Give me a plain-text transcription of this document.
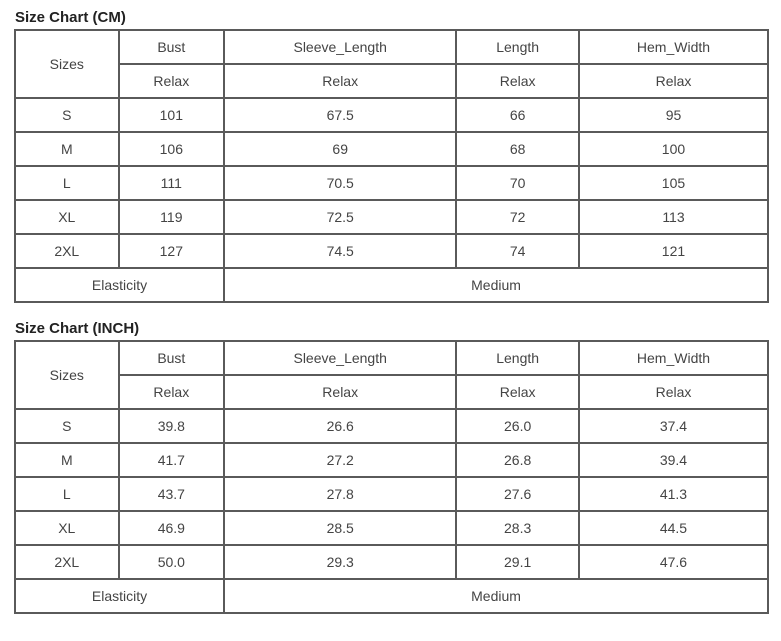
Size Chart (CM)
Sizes	Bust	Sleeve_Length	Length	Hem_Width
	Relax	Relax	Relax	Relax
S	101	67.5	66	95
M	106	69	68	100
L	111	70.5	70	105
XL	119	72.5	72	113
2XL	127	74.5	74	121
Elasticity		Medium		
Size Chart (INCH)
Sizes	Bust	Sleeve_Length	Length	Hem_Width
	Relax	Relax	Relax	Relax
S	39.8	26.6	26.0	37.4
M	41.7	27.2	26.8	39.4
L	43.7	27.8	27.6	41.3
XL	46.9	28.5	28.3	44.5
2XL	50.0	29.3	29.1	47.6
Elasticity		Medium		
